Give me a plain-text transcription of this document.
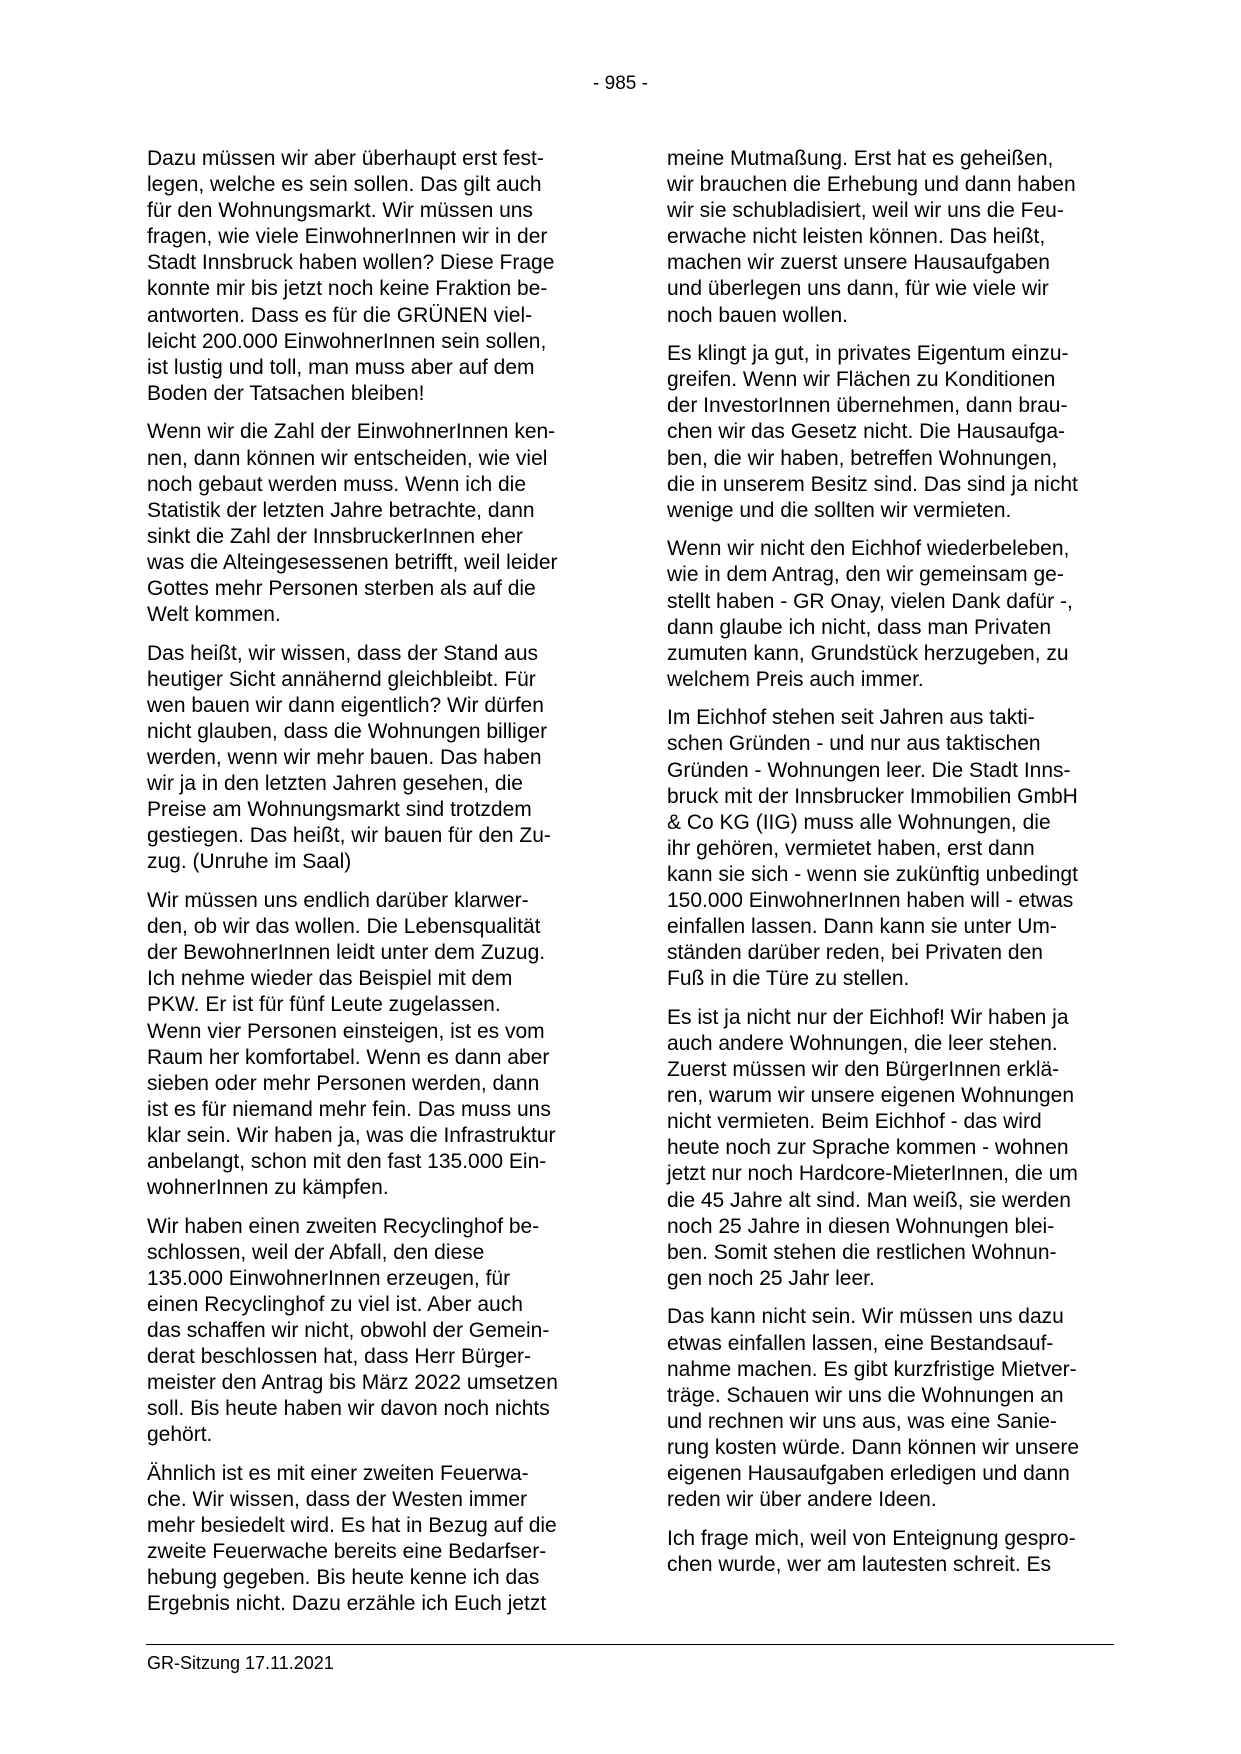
- 985 -

Dazu müssen wir aber überhaupt erst fest-
legen, welche es sein sollen. Das gilt auch
für den Wohnungsmarkt. Wir müssen uns
fragen, wie viele EinwohnerInnen wir in der
Stadt Innsbruck haben wollen? Diese Frage
konnte mir bis jetzt noch keine Fraktion be-
antworten. Dass es für die GRÜNEN viel-
leicht 200.000 EinwohnerInnen sein sollen,
ist lustig und toll, man muss aber auf dem
Boden der Tatsachen bleiben!

Wenn wir die Zahl der EinwohnerInnen ken-
nen, dann können wir entscheiden, wie viel
noch gebaut werden muss. Wenn ich die
Statistik der letzten Jahre betrachte, dann
sinkt die Zahl der InnsbruckerInnen eher
was die Alteingesessenen betrifft, weil leider
Gottes mehr Personen sterben als auf die
Welt kommen.

Das heißt, wir wissen, dass der Stand aus
heutiger Sicht annähernd gleichbleibt. Für
wen bauen wir dann eigentlich? Wir dürfen
nicht glauben, dass die Wohnungen billiger
werden, wenn wir mehr bauen. Das haben
wir ja in den letzten Jahren gesehen, die
Preise am Wohnungsmarkt sind trotzdem
gestiegen. Das heißt, wir bauen für den Zu-
zug. (Unruhe im Saal)

Wir müssen uns endlich darüber klarwer-
den, ob wir das wollen. Die Lebensqualität
der BewohnerInnen leidt unter dem Zuzug.
Ich nehme wieder das Beispiel mit dem
PKW. Er ist für fünf Leute zugelassen.
Wenn vier Personen einsteigen, ist es vom
Raum her komfortabel. Wenn es dann aber
sieben oder mehr Personen werden, dann
ist es für niemand mehr fein. Das muss uns
klar sein. Wir haben ja, was die Infrastruktur
anbelangt, schon mit den fast 135.000 Ein-
wohnerInnen zu kämpfen.

Wir haben einen zweiten Recyclinghof be-
schlossen, weil der Abfall, den diese
135.000 EinwohnerInnen erzeugen, für
einen Recyclinghof zu viel ist. Aber auch
das schaffen wir nicht, obwohl der Gemein-
derat beschlossen hat, dass Herr Bürger-
meister den Antrag bis März 2022 umsetzen
soll. Bis heute haben wir davon noch nichts
gehört.

Ähnlich ist es mit einer zweiten Feuerwa-
che. Wir wissen, dass der Westen immer
mehr besiedelt wird. Es hat in Bezug auf die
zweite Feuerwache bereits eine Bedarfser-
hebung gegeben. Bis heute kenne ich das
Ergebnis nicht. Dazu erzähle ich Euch jetzt

meine Mutmaßung. Erst hat es geheißen,
wir brauchen die Erhebung und dann haben
wir sie schubladisiert, weil wir uns die Feu-
erwache nicht leisten können. Das heißt,
machen wir zuerst unsere Hausaufgaben
und überlegen uns dann, für wie viele wir
noch bauen wollen.

Es klingt ja gut, in privates Eigentum einzu-
greifen. Wenn wir Flächen zu Konditionen
der InvestorInnen übernehmen, dann brau-
chen wir das Gesetz nicht. Die Hausaufga-
ben, die wir haben, betreffen Wohnungen,
die in unserem Besitz sind. Das sind ja nicht
wenige und die sollten wir vermieten.

Wenn wir nicht den Eichhof wiederbeleben,
wie in dem Antrag, den wir gemeinsam ge-
stellt haben - GR Onay, vielen Dank dafür -,
dann glaube ich nicht, dass man Privaten
zumuten kann, Grundstück herzugeben, zu
welchem Preis auch immer.

Im Eichhof stehen seit Jahren aus takti-
schen Gründen - und nur aus taktischen
Gründen - Wohnungen leer. Die Stadt Inns-
bruck mit der Innsbrucker Immobilien GmbH
& Co KG (IIG) muss alle Wohnungen, die
ihr gehören, vermietet haben, erst dann
kann sie sich - wenn sie zukünftig unbedingt
150.000 EinwohnerInnen haben will - etwas
einfallen lassen. Dann kann sie unter Um-
ständen darüber reden, bei Privaten den
Fuß in die Türe zu stellen.

Es ist ja nicht nur der Eichhof! Wir haben ja
auch andere Wohnungen, die leer stehen.
Zuerst müssen wir den BürgerInnen erklä-
ren, warum wir unsere eigenen Wohnungen
nicht vermieten. Beim Eichhof - das wird
heute noch zur Sprache kommen - wohnen
jetzt nur noch Hardcore-MieterInnen, die um
die 45 Jahre alt sind. Man weiß, sie werden
noch 25 Jahre in diesen Wohnungen blei-
ben. Somit stehen die restlichen Wohnun-
gen noch 25 Jahr leer.

Das kann nicht sein. Wir müssen uns dazu
etwas einfallen lassen, eine Bestandsauf-
nahme machen. Es gibt kurzfristige Mietver-
träge. Schauen wir uns die Wohnungen an
und rechnen wir uns aus, was eine Sanie-
rung kosten würde. Dann können wir unsere
eigenen Hausaufgaben erledigen und dann
reden wir über andere Ideen.

Ich frage mich, weil von Enteignung gespro-
chen wurde, wer am lautesten schreit. Es

GR-Sitzung 17.11.2021
